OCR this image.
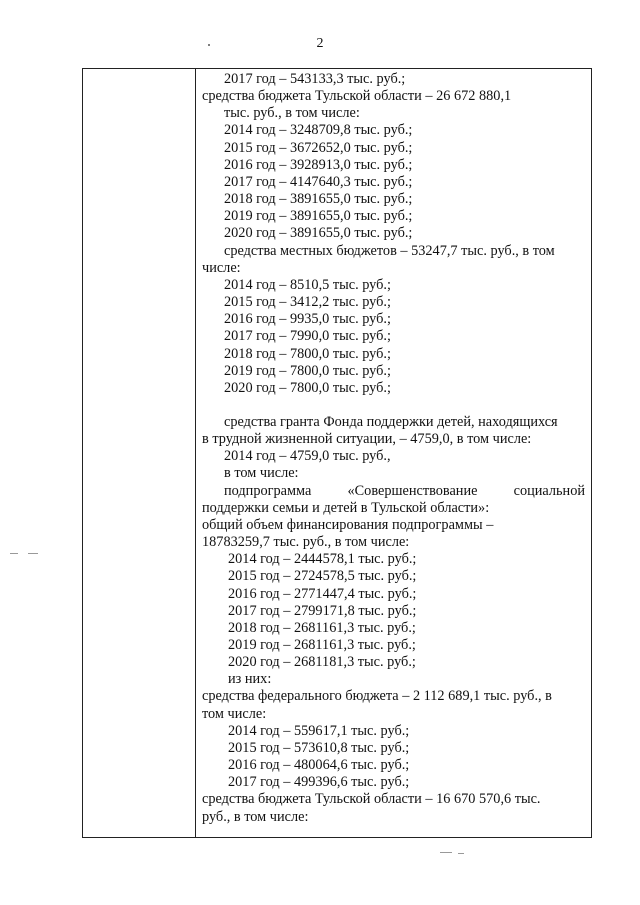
2
2017 год – 543133,3 тыс. руб.;
средства бюджета Тульской области – 26 672 880,1
тыс. руб., в том числе:
2014 год – 3248709,8 тыс. руб.;
2015 год – 3672652,0 тыс. руб.;
2016 год – 3928913,0 тыс. руб.;
2017 год – 4147640,3 тыс. руб.;
2018 год – 3891655,0 тыс. руб.;
2019 год – 3891655,0 тыс. руб.;
2020 год – 3891655,0 тыс. руб.;
средства местных бюджетов – 53247,7 тыс. руб., в том
числе:
2014 год – 8510,5 тыс. руб.;
2015 год – 3412,2 тыс. руб.;
2016 год – 9935,0 тыс. руб.;
2017 год – 7990,0 тыс. руб.;
2018 год – 7800,0 тыс. руб.;
2019 год – 7800,0 тыс. руб.;
2020 год – 7800,0 тыс. руб.;

средства гранта Фонда поддержки детей, находящихся
в трудной жизненной ситуации, – 4759,0, в том числе:
2014 год – 4759,0 тыс. руб.,
в том числе:
подпрограмма «Совершенствование социальной
поддержки семьи и детей в Тульской области»:
общий объем финансирования подпрограммы –
18783259,7 тыс. руб., в том числе:
2014 год – 2444578,1 тыс. руб.;
2015 год – 2724578,5 тыс. руб.;
2016 год – 2771447,4 тыс. руб.;
2017 год – 2799171,8 тыс. руб.;
2018 год – 2681161,3 тыс. руб.;
2019 год – 2681161,3 тыс. руб.;
2020 год – 2681181,3 тыс. руб.;
из них:
средства федерального бюджета – 2 112 689,1 тыс. руб., в
том числе:
2014 год – 559617,1 тыс. руб.;
2015 год – 573610,8 тыс. руб.;
2016 год – 480064,6 тыс. руб.;
2017 год – 499396,6 тыс. руб.;
средства бюджета Тульской области – 16 670 570,6 тыс.
руб., в том числе:
